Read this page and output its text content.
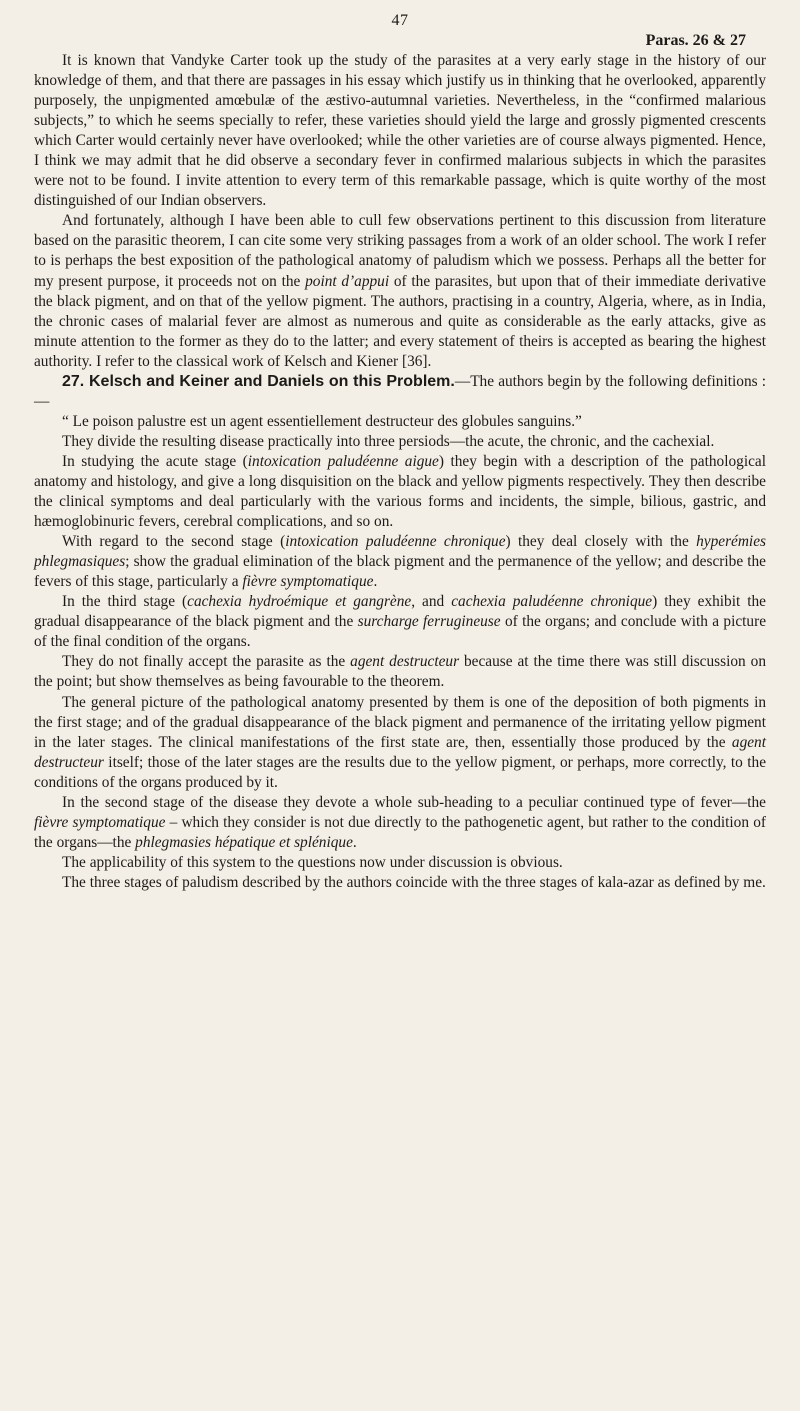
47
Paras. 26 & 27

It is known that Vandyke Carter took up the study of the parasites at a very early stage in the history of our knowledge of them, and that there are passages in his essay which justify us in thinking that he overlooked, apparently purposely, the unpigmented amœbulæ of the æstivo-autumnal varieties. Nevertheless, in the “confirmed malarious subjects,” to which he seems specially to refer, these varieties should yield the large and grossly pigmented crescents which Carter would certainly never have overlooked; while the other varieties are of course always pigmented. Hence, I think we may admit that he did observe a secondary fever in confirmed malarious subjects in which the parasites were not to be found. I invite attention to every term of this remarkable passage, which is quite worthy of the most distinguished of our Indian observers.

And fortunately, although I have been able to cull few observations pertinent to this discussion from literature based on the parasitic theorem, I can cite some very striking passages from a work of an older school. The work I refer to is perhaps the best exposition of the pathological anatomy of paludism which we possess. Perhaps all the better for my present purpose, it proceeds not on the point d’appui of the parasites, but upon that of their immediate derivative the black pigment, and on that of the yellow pigment. The authors, practising in a country, Algeria, where, as in India, the chronic cases of malarial fever are almost as numerous and quite as considerable as the early attacks, give as minute attention to the former as they do to the latter; and every statement of theirs is accepted as bearing the highest authority. I refer to the classical work of Kelsch and Kiener [36].

27. Kelsch and Keiner and Daniels on this Problem.—The authors begin by the following definitions :—

“ Le poison palustre est un agent essentiellement destructeur des globules sanguins.”

They divide the resulting disease practically into three persiods—the acute, the chronic, and the cachexial.

In studying the acute stage (intoxication paludéenne aigue) they begin with a description of the pathological anatomy and histology, and give a long disquisition on the black and yellow pigments respectively. They then describe the clinical symptoms and deal particularly with the various forms and incidents, the simple, bilious, gastric, and hæmoglobinuric fevers, cerebral complications, and so on.

With regard to the second stage (intoxication paludéenne chronique) they deal closely with the hyperémies phlegmasiques; show the gradual elimination of the black pigment and the permanence of the yellow; and describe the fevers of this stage, particularly a fièvre symptomatique.

In the third stage (cachexia hydroémique et gangrène, and cachexia paludéenne chronique) they exhibit the gradual disappearance of the black pigment and the surcharge ferrugineuse of the organs; and conclude with a picture of the final condition of the organs.

They do not finally accept the parasite as the agent destructeur because at the time there was still discussion on the point; but show themselves as being favourable to the theorem.

The general picture of the pathological anatomy presented by them is one of the deposition of both pigments in the first stage; and of the gradual disappearance of the black pigment and permanence of the irritating yellow pigment in the later stages. The clinical manifestations of the first state are, then, essentially those produced by the agent destructeur itself; those of the later stages are the results due to the yellow pigment, or perhaps, more correctly, to the conditions of the organs produced by it.

In the second stage of the disease they devote a whole sub-heading to a peculiar continued type of fever—the fièvre symptomatique – which they consider is not due directly to the pathogenetic agent, but rather to the condition of the organs—the phlegmasies hépatique et splénique.

The applicability of this system to the questions now under discussion is obvious.

The three stages of paludism described by the authors coincide with the three stages of kala-azar as defined by me.
